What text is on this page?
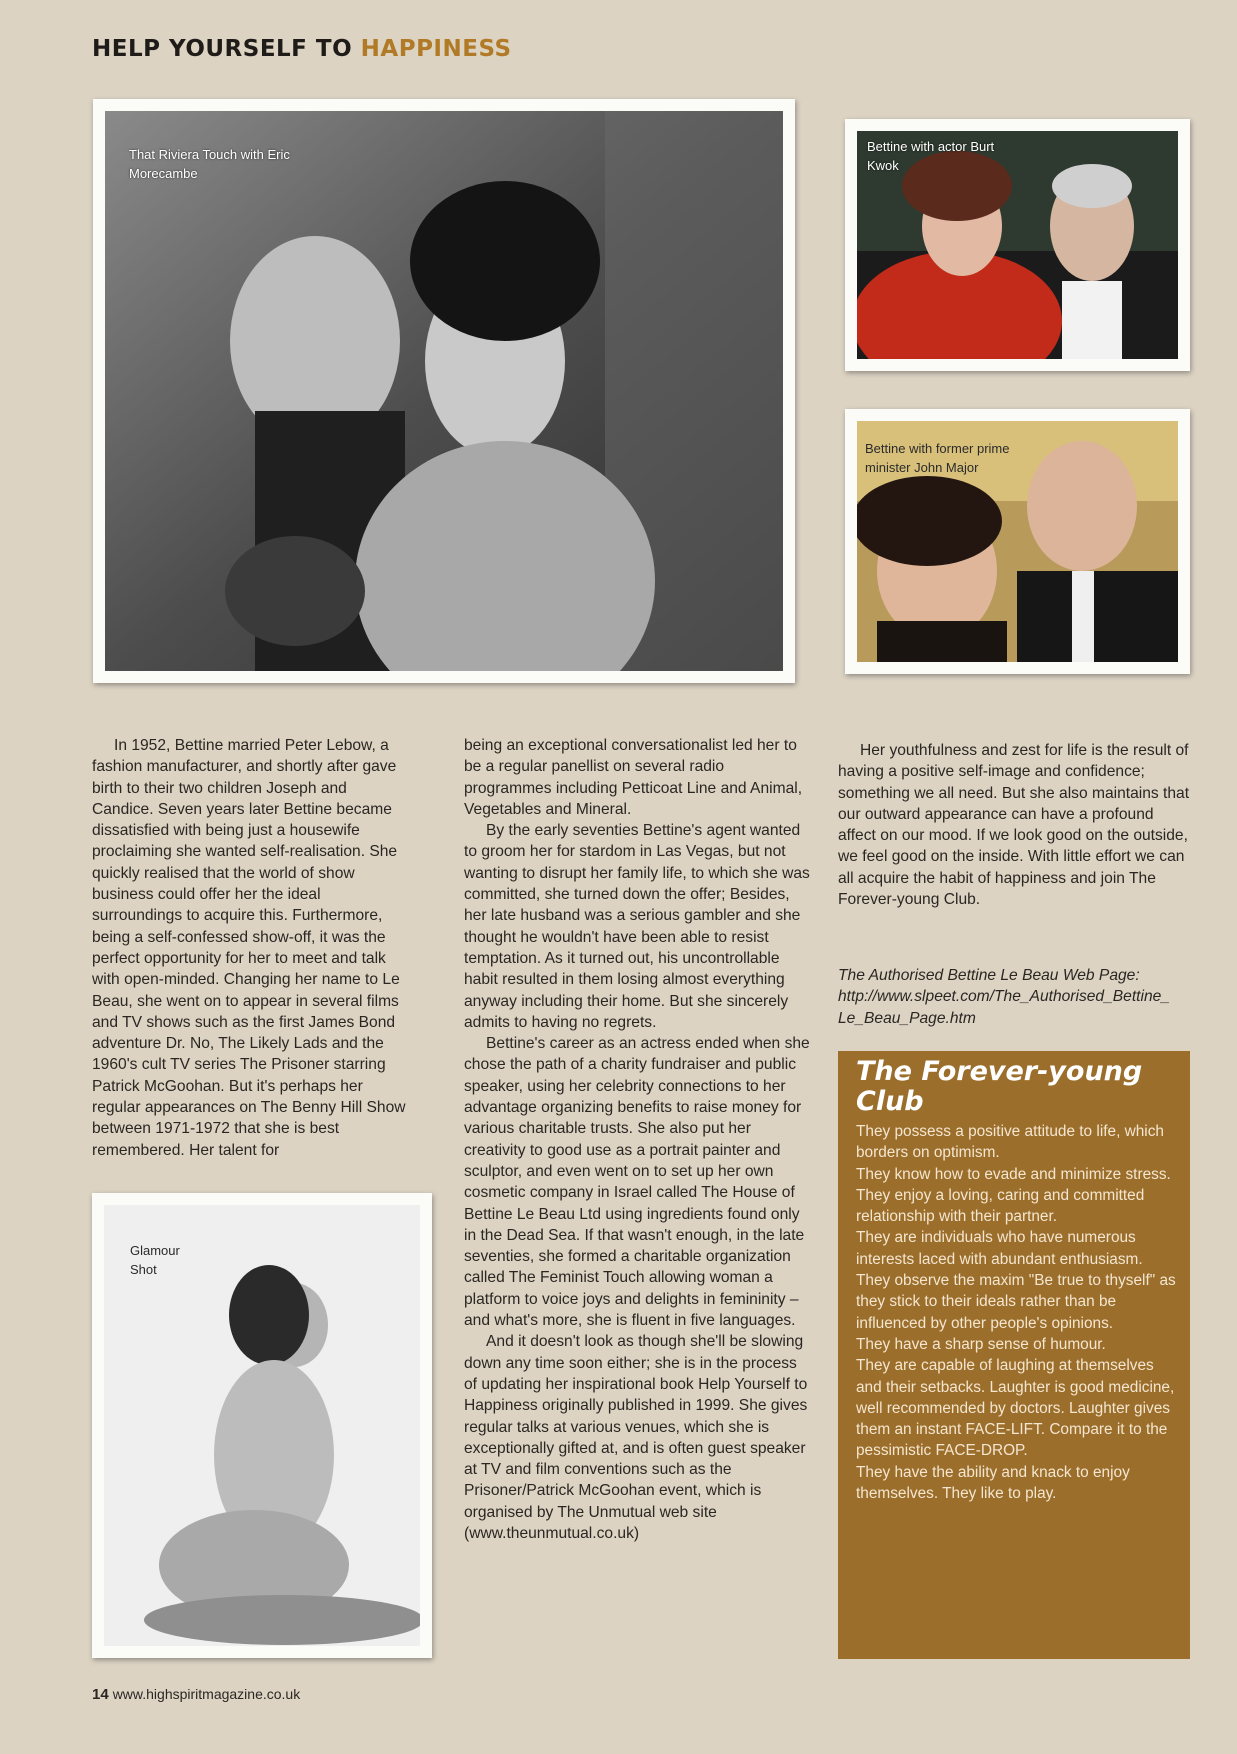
HELP YOURSELF TO HAPPINESS
That Riviera Touch with Eric Morecambe
Bettine with actor Burt Kwok
Bettine with former prime minister John Major
Glamour Shot

In 1952, Bettine married Peter Lebow, a fashion manufacturer, and shortly after gave birth to their two children Joseph and Candice. Seven years later Bettine became dissatisfied with being just a housewife proclaiming she wanted self-realisation. She quickly realised that the world of show business could offer her the ideal surroundings to acquire this. Furthermore, being a self-confessed show-off, it was the perfect opportunity for her to meet and talk with open-minded. Changing her name to Le Beau, she went on to appear in several films and TV shows such as the first James Bond adventure Dr. No, The Likely Lads and the 1960's cult TV series The Prisoner starring Patrick McGoohan. But it's perhaps her regular appearances on The Benny Hill Show between 1971-1972 that she is best remembered. Her talent for

being an exceptional conversationalist led her to be a regular panellist on several radio programmes including Petticoat Line and Animal, Vegetables and Mineral.

By the early seventies Bettine's agent wanted to groom her for stardom in Las Vegas, but not wanting to disrupt her family life, to which she was committed, she turned down the offer; Besides, her late husband was a serious gambler and she thought he wouldn't have been able to resist temptation. As it turned out, his uncontrollable habit resulted in them losing almost everything anyway including their home. But she sincerely admits to having no regrets.

Bettine's career as an actress ended when she chose the path of a charity fundraiser and public speaker, using her celebrity connections to her advantage organizing benefits to raise money for various charitable trusts. She also put her creativity to good use as a portrait painter and sculptor, and even went on to set up her own cosmetic company in Israel called The House of Bettine Le Beau Ltd using ingredients found only in the Dead Sea. If that wasn't enough, in the late seventies, she formed a charitable organization called The Feminist Touch allowing woman a platform to voice joys and delights in femininity – and what's more, she is fluent in five languages.

And it doesn't look as though she'll be slowing down any time soon either; she is in the process of updating her inspirational book Help Yourself to Happiness originally published in 1999. She gives regular talks at various venues, which she is exceptionally gifted at, and is often guest speaker at TV and film conventions such as the Prisoner/Patrick McGoohan event, which is organised by The Unmutual web site (www.theunmutual.co.uk)

Her youthfulness and zest for life is the result of having a positive self-image and confidence; something we all need. But she also maintains that our outward appearance can have a profound affect on our mood. If we look good on the outside, we feel good on the inside. With little effort we can all acquire the habit of happiness and join The Forever-young Club.

The Authorised Bettine Le Beau Web Page:
http://www.slpeet.com/The_Authorised_Bettine_Le_Beau_Page.htm
The Forever-young Club
They possess a positive attitude to life, which borders on optimism.
They know how to evade and minimize stress.
They enjoy a loving, caring and committed relationship with their partner.
They are individuals who have numerous interests laced with abundant enthusiasm.
They observe the maxim "Be true to thyself" as they stick to their ideals rather than be influenced by other people's opinions.
They have a sharp sense of humour.
They are capable of laughing at themselves and their setbacks. Laughter is good medicine, well recommended by doctors. Laughter gives them an instant FACE-LIFT. Compare it to the pessimistic FACE-DROP.
They have the ability and knack to enjoy themselves. They like to play.
14 www.highspiritmagazine.co.uk
